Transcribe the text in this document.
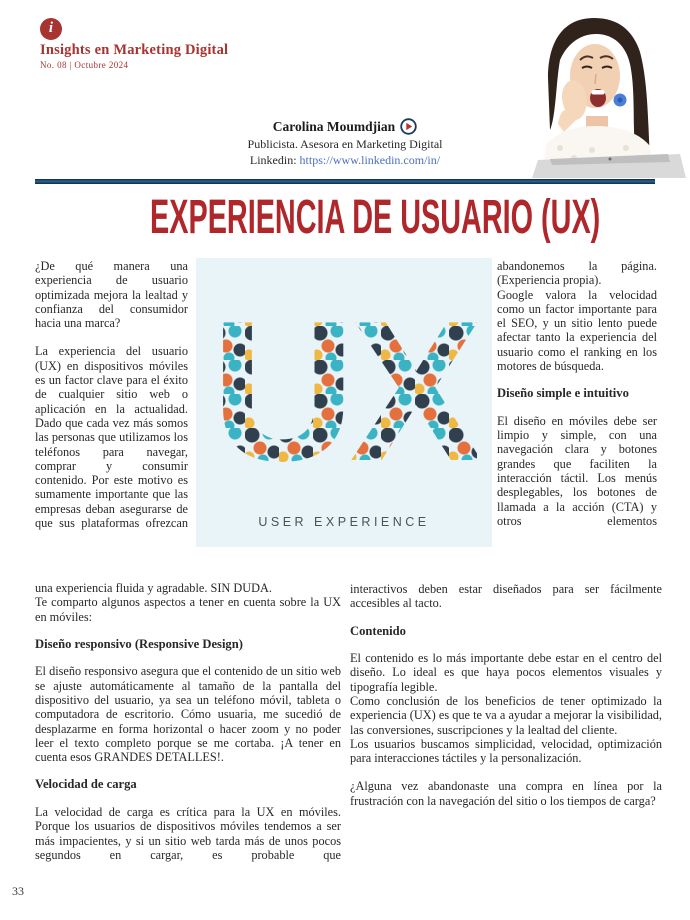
i
Insights en Marketing Digital
No. 08 | Octubre 2024
Carolina Moumdjian
Publicista. Asesora en Marketing Digital
Linkedin: https://www.linkedin.com/in/
EXPERIENCIA DE USUARIO (UX)

¿De qué manera una experiencia de usuario optimizada mejora la lealtad y confianza del consumidor hacia una marca?

La experiencia del usuario (UX) en dispositivos móviles es un factor clave para el éxito de cualquier sitio web o aplicación en la actualidad. Dado que cada vez más somos las personas que utilizamos los teléfonos para navegar, comprar y consumir contenido. Por este motivo es sumamente importante que las empresas deban asegurarse de que sus plataformas ofrezcan

U X
USER EXPERIENCE

abandonemos la página. (Experiencia propia).

Google valora la velocidad como un factor importante para el SEO, y un sitio lento puede afectar tanto la experiencia del usuario como el ranking en los motores de búsqueda.

Diseño simple e intuitivo

El diseño en móviles debe ser limpio y simple, con una navegación clara y botones grandes que faciliten la interacción táctil. Los menús desplegables, los botones de llamada a la acción (CTA) y otros elementos

una experiencia fluida y agradable. SIN DUDA.

Te comparto algunos aspectos a tener en cuenta sobre la UX en móviles:

Diseño responsivo (Responsive Design)

El diseño responsivo asegura que el contenido de un sitio web se ajuste automáticamente al tamaño de la pantalla del dispositivo del usuario, ya sea un teléfono móvil, tableta o computadora de escritorio. Cómo usuaria, me sucedió de desplazarme en forma horizontal o hacer zoom y no poder leer el texto completo porque se me cortaba. ¡A tener en cuenta esos GRANDES DETALLES!.

Velocidad de carga

La velocidad de carga es crítica para la UX en móviles. Porque los usuarios de dispositivos móviles tendemos a ser más impacientes, y si un sitio web tarda más de unos pocos segundos en cargar, es probable que

interactivos deben estar diseñados para ser fácilmente accesibles al tacto.

Contenido

El contenido es lo más importante debe estar en el centro del diseño. Lo ideal es que haya pocos elementos visuales y tipografía legible.

Como conclusión de los beneficios de tener optimizado la experiencia (UX) es que te va a ayudar a mejorar la visibilidad, las conversiones, suscripciones y la lealtad del cliente.

Los usuarios buscamos simplicidad, velocidad, optimización para interacciones táctiles y la personalización.

¿Alguna vez abandonaste una compra en línea por la frustración con la navegación del sitio o los tiempos de carga?

33
